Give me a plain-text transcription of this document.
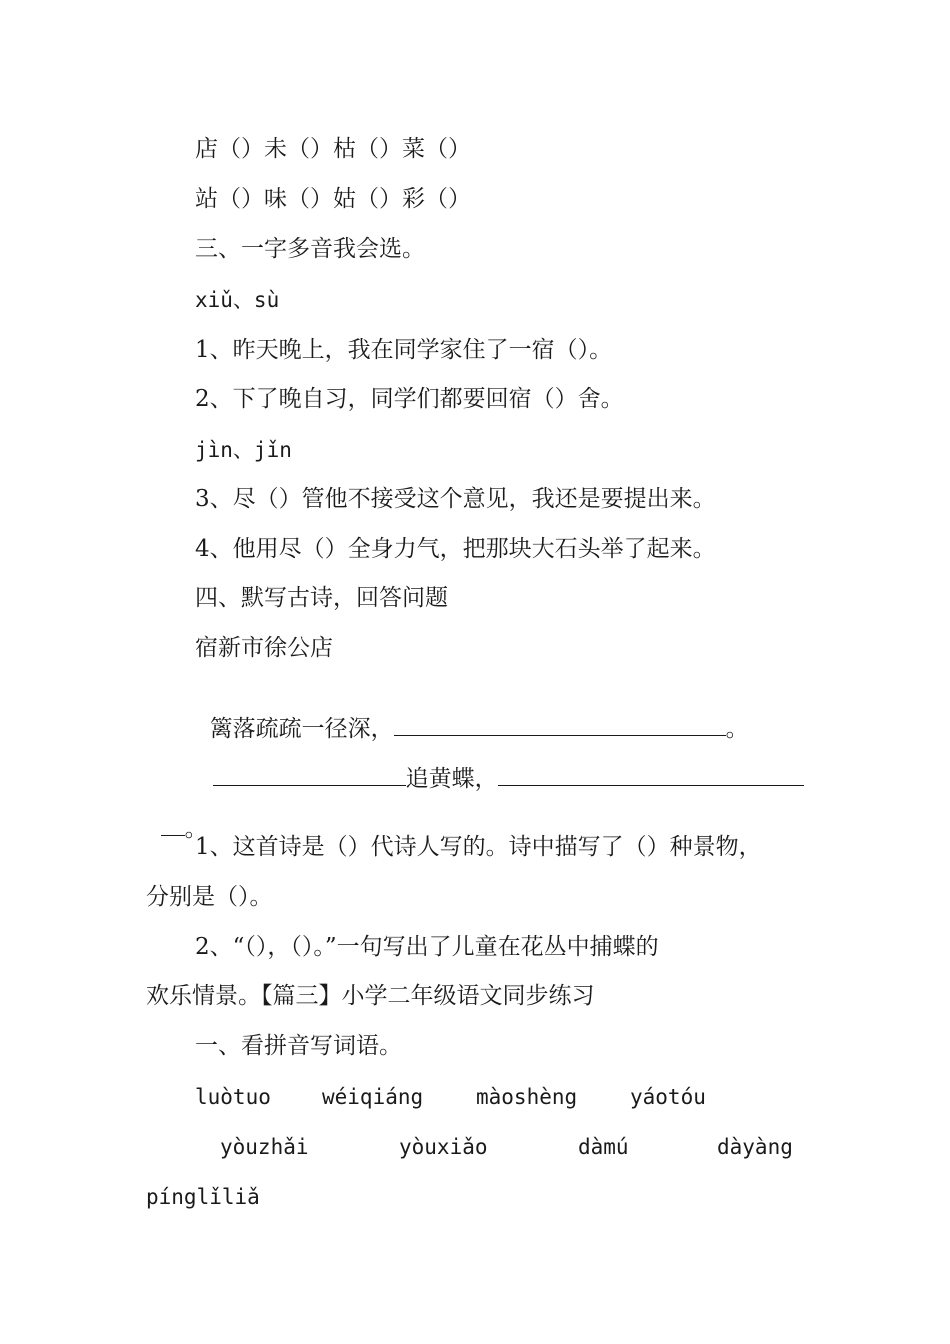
店（）未（）枯（）菜（）
站（）味（）姑（）彩（）
三、一字多音我会选。
xiǔ、sù
1、昨天晚上，我在同学家住了一宿（）。
2、下了晚自习，同学们都要回宿（）舍。
jìn、jǐn
3、尽（）管他不接受这个意见，我还是要提出来。
4、他用尽（）全身力气，把那块大石头举了起来。
四、默写古诗，回答问题
宿新市徐公店

篱落疏疏一径深，	。

追黄蝶，

。

1、这首诗是（）代诗人写的。诗中描写了（）种景物，
分别是（）。
2、“（），（）。”一句写出了儿童在花丛中捕蝶的
欢乐情景。【篇三】小学二年级语文同步练习
一、看拼音写词语。
luòtuo wéiqiáng	màoshèng	yáotóu
yòuzhǎi	yòuxiǎo	dàmú	dàyàng
pínglǐliǎ
